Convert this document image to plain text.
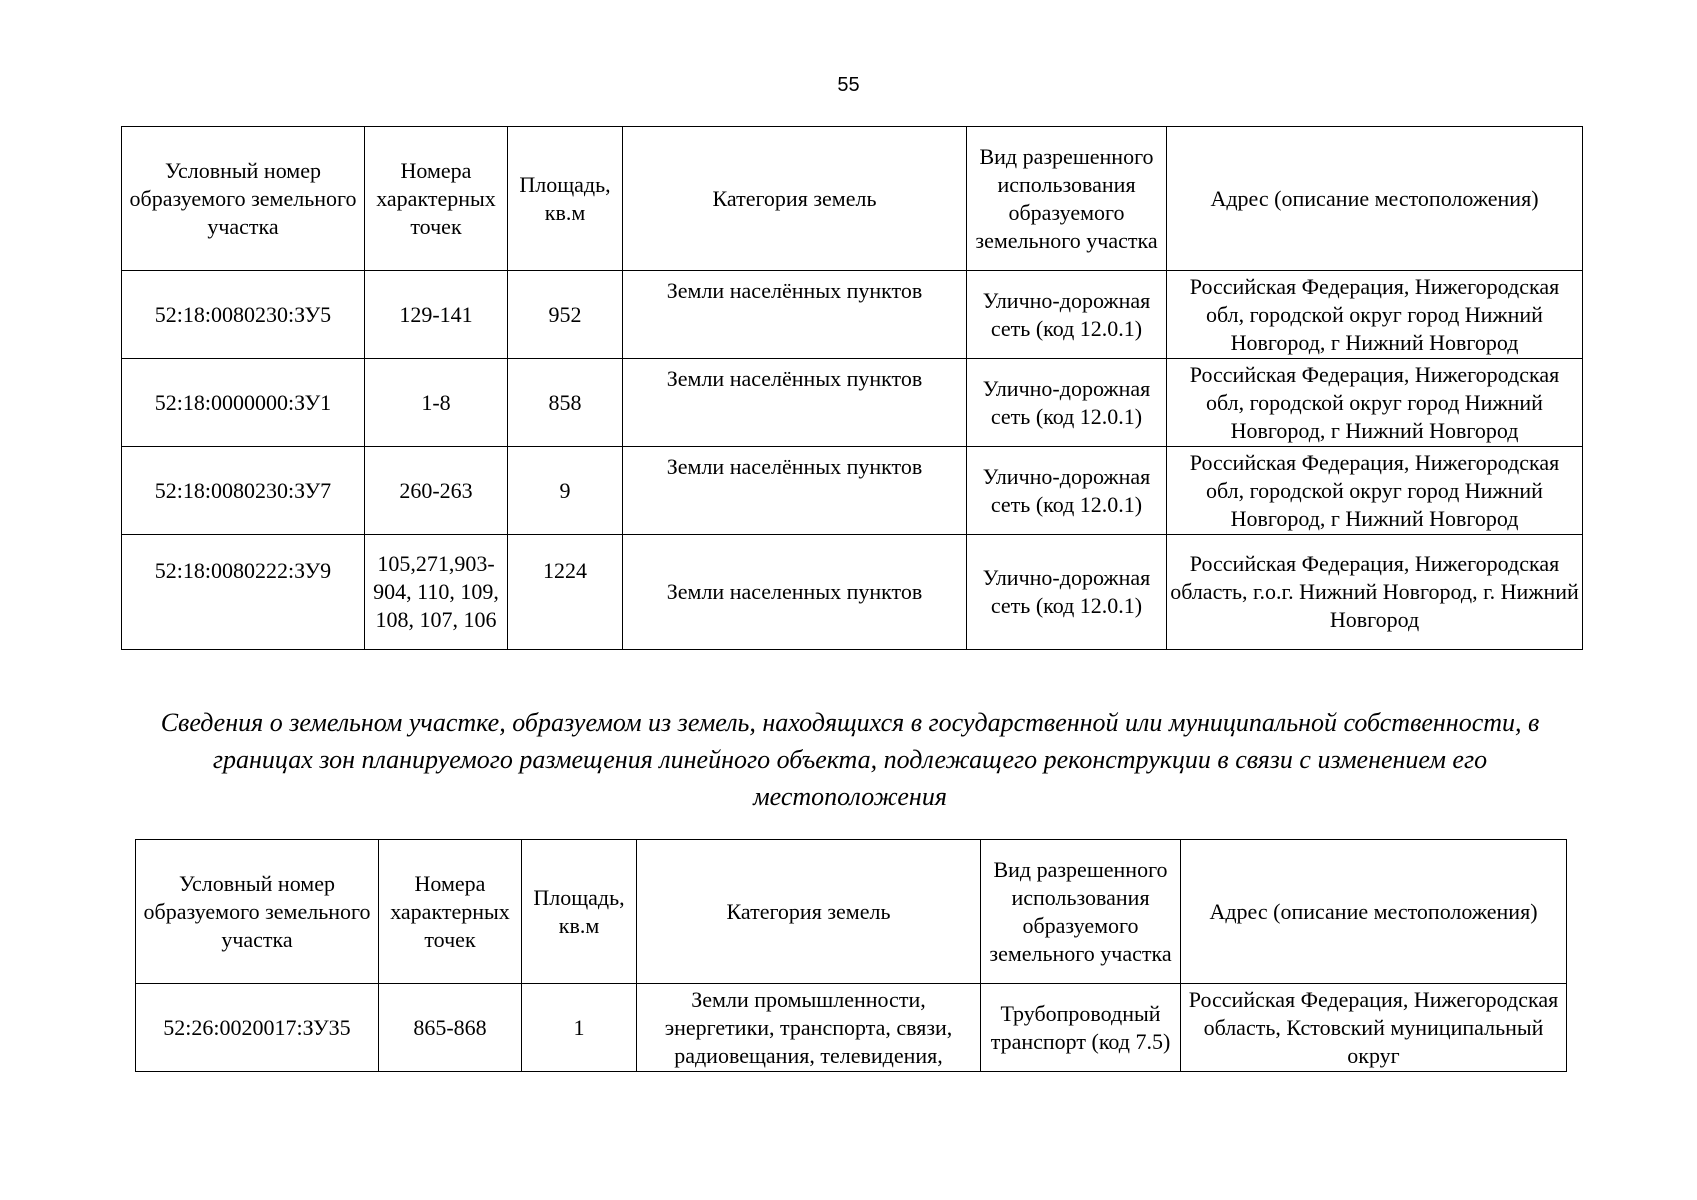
55
Условный номер образуемого земельного участка	Номера характерных точек	Площадь, кв.м	Категория земель	Вид разрешенного использования образуемого земельного участка	Адрес (описание местоположения)
52:18:0080230:ЗУ5	129-141	952	Земли населённых пунктов	Улично-дорожная сеть (код 12.0.1)	Российская Федерация, Нижегородская обл, городской округ город Нижний Новгород, г Нижний Новгород
52:18:0000000:ЗУ1	1-8	858	Земли населённых пунктов	Улично-дорожная сеть (код 12.0.1)	Российская Федерация, Нижегородская обл, городской округ город Нижний Новгород, г Нижний Новгород
52:18:0080230:ЗУ7	260-263	9	Земли населённых пунктов	Улично-дорожная сеть (код 12.0.1)	Российская Федерация, Нижегородская обл, городской округ город Нижний Новгород, г Нижний Новгород
52:18:0080222:ЗУ9	105,271,903-904, 110, 109, 108, 107, 106	1224	Земли населенных пунктов	Улично-дорожная сеть (код 12.0.1)	Российская Федерация, Нижегородская область, г.о.г. Нижний Новгород, г. Нижний Новгород
Сведения о земельном участке, образуемом из земель, находящихся в государственной или муниципальной собственности, в границах зон планируемого размещения линейного объекта, подлежащего реконструкции в связи с изменением его местоположения
Условный номер образуемого земельного участка	Номера характерных точек	Площадь, кв.м	Категория земель	Вид разрешенного использования образуемого земельного участка	Адрес (описание местоположения)
52:26:0020017:ЗУ35	865-868	1	Земли промышленности, энергетики, транспорта, связи, радиовещания, телевидения,	Трубопроводный транспорт (код 7.5)	Российская Федерация, Нижегородская область, Кстовский муниципальный округ
